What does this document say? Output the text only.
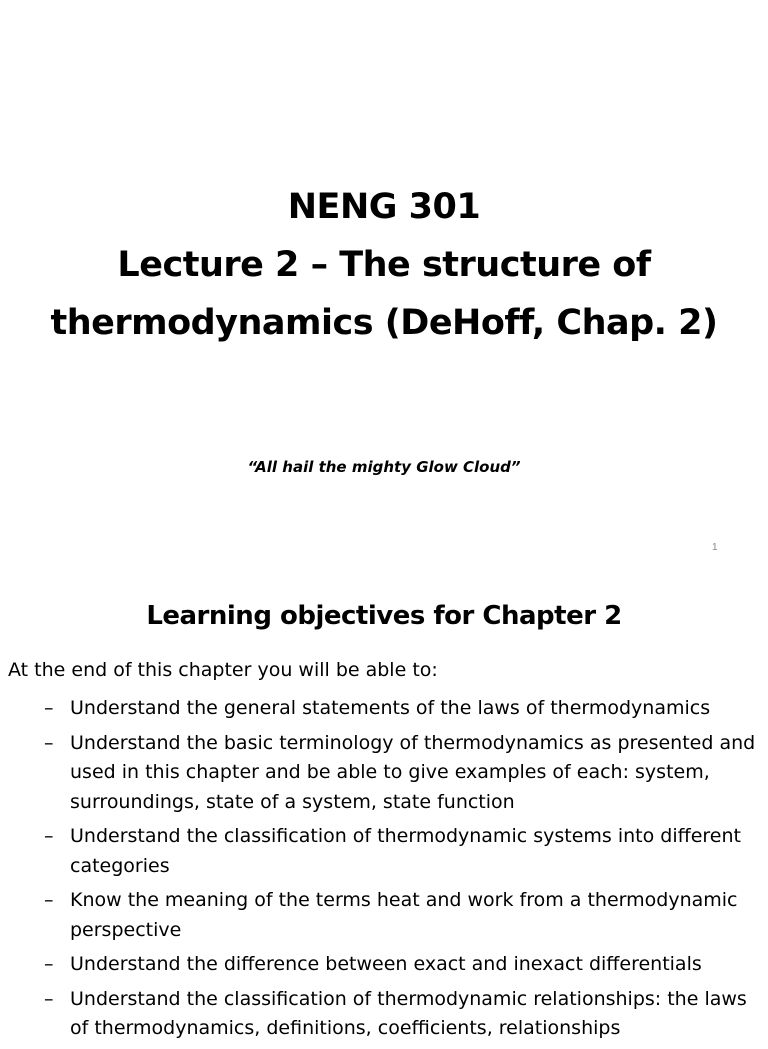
NENG 301
Lecture 2 – The structure of
thermodynamics (DeHoff, Chap. 2)
“All hail the mighty Glow Cloud”
1
Learning objectives for Chapter 2
At the end of this chapter you will be able to:
– Understand the general statements of the laws of thermodynamics
– Understand the basic terminology of thermodynamics as presented and used in this chapter and be able to give examples of each: system, surroundings, state of a system, state function
– Understand the classification of thermodynamic systems into different categories
– Know the meaning of the terms heat and work from a thermodynamic perspective
– Understand the difference between exact and inexact differentials
– Understand the classification of thermodynamic relationships: the laws of thermodynamics, definitions, coefficients, relationships
